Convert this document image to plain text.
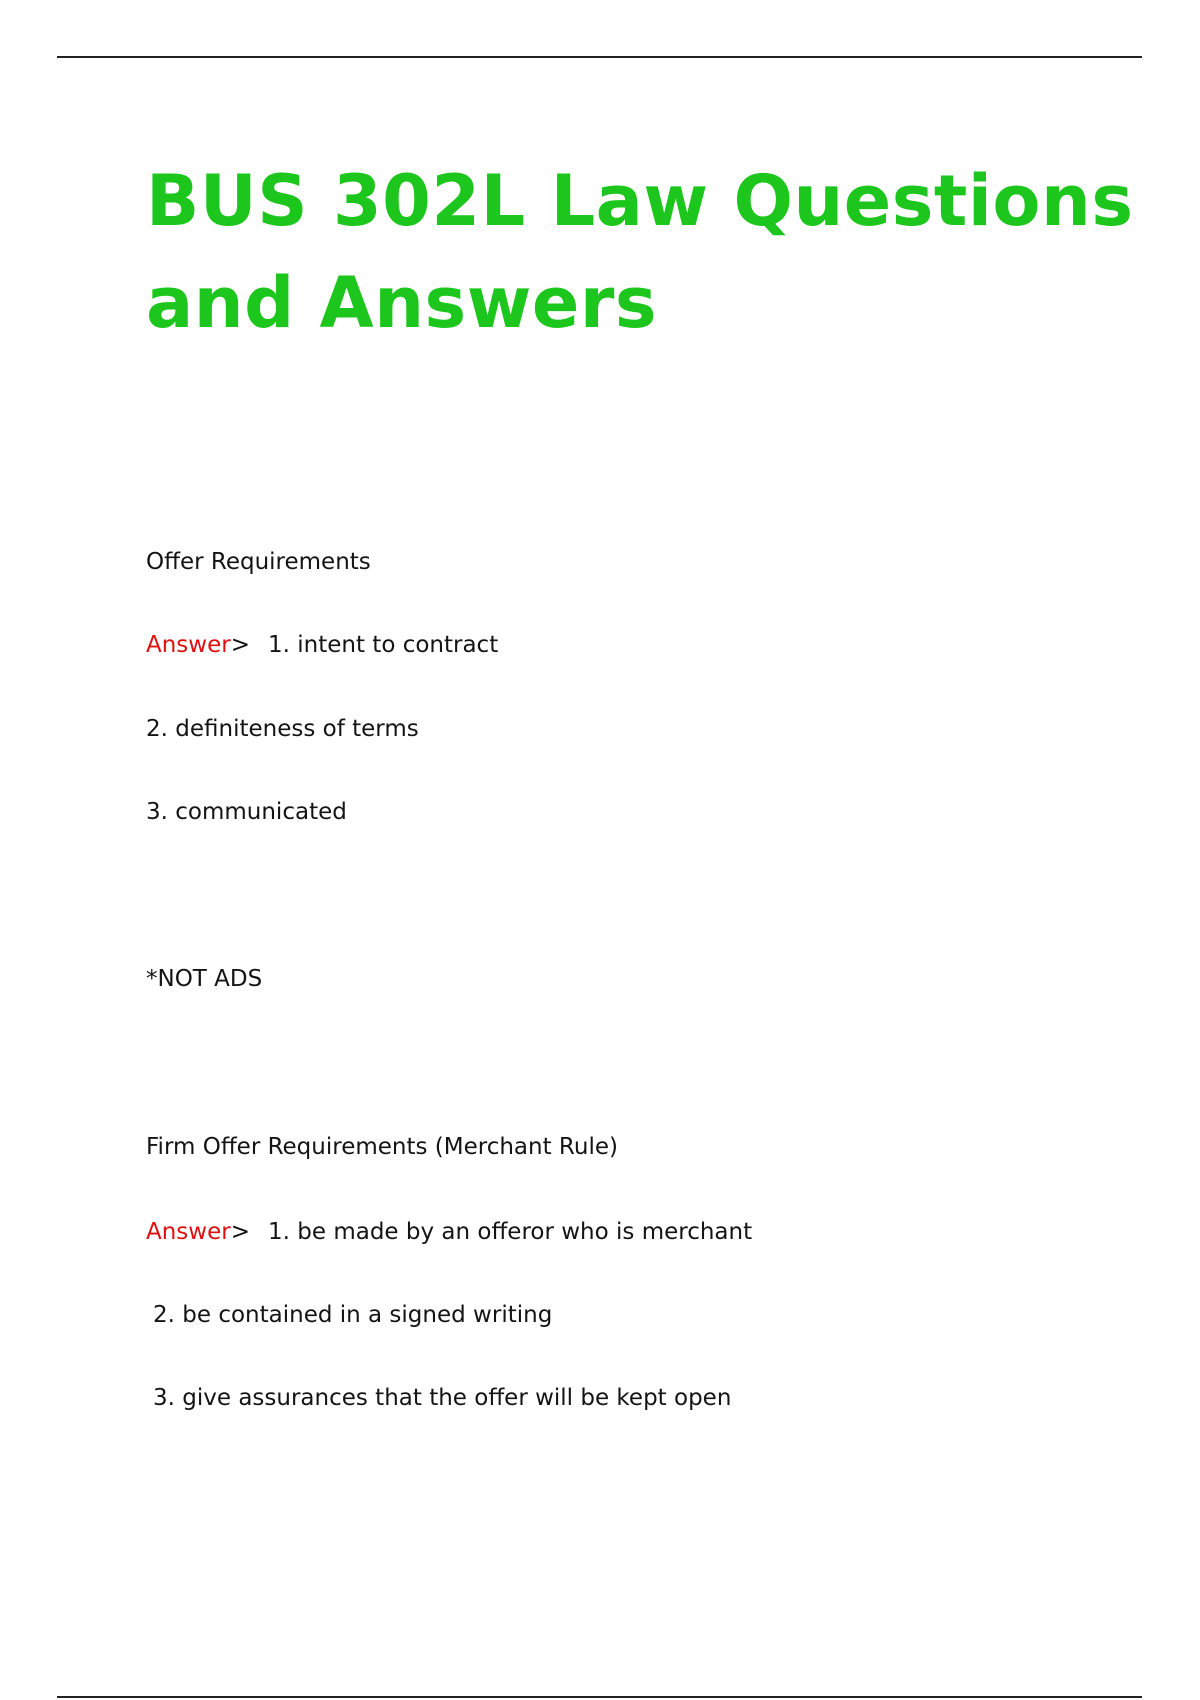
BUS 302L Law Questions and Answers
Offer Requirements
Answer> 1. intent to contract
2. definiteness of terms
3. communicated
*NOT ADS
Firm Offer Requirements (Merchant Rule)
Answer> 1. be made by an offeror who is merchant
2. be contained in a signed writing
3. give assurances that the offer will be kept open
